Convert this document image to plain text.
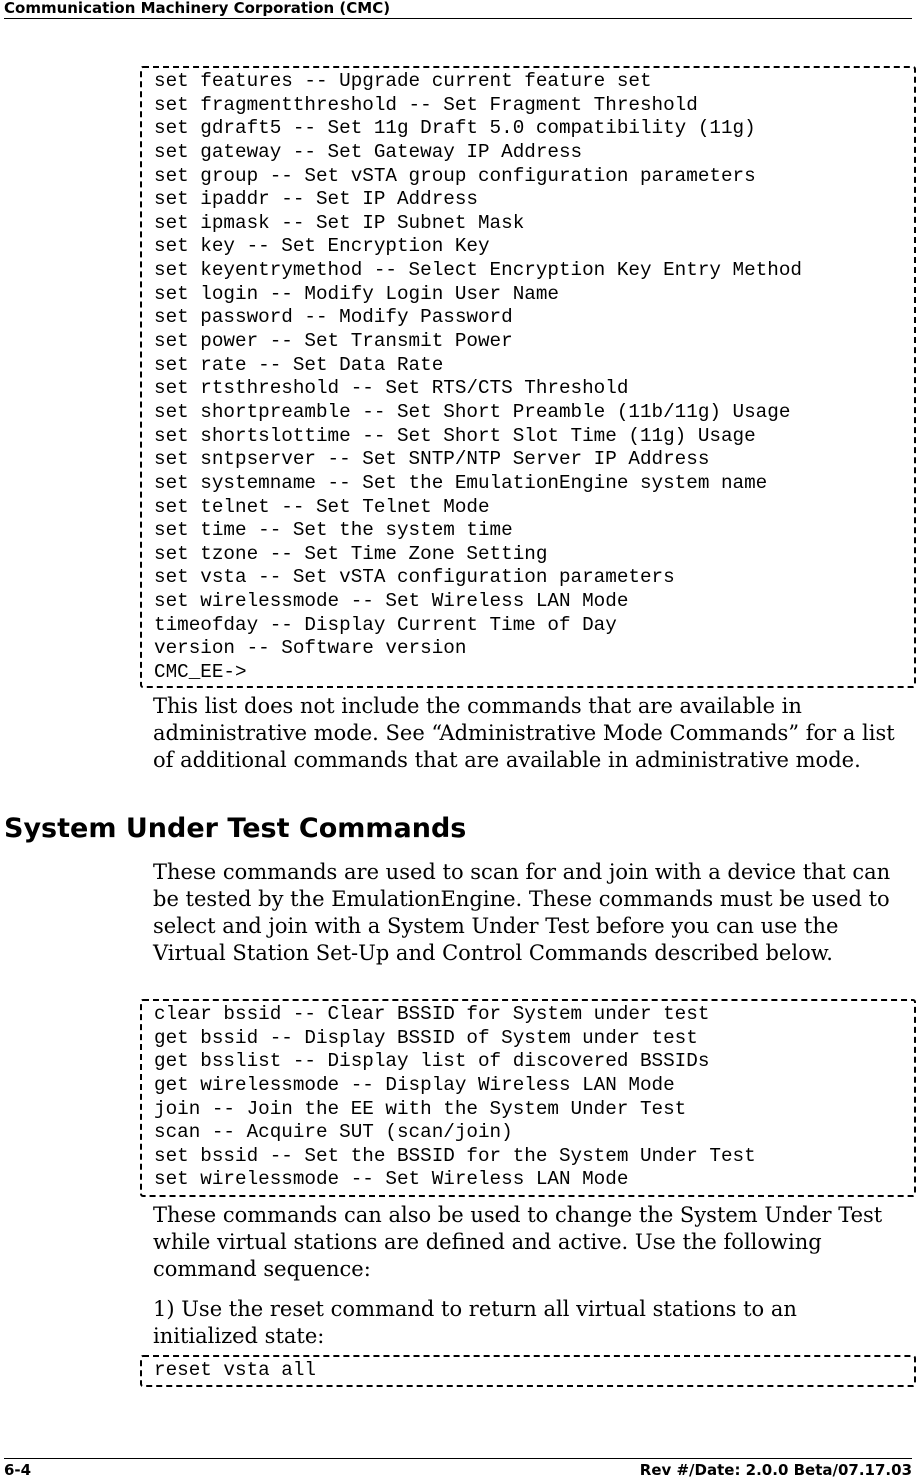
Communication Machinery Corporation (CMC)
set features -- Upgrade current feature set
set fragmentthreshold -- Set Fragment Threshold
set gdraft5 -- Set 11g Draft 5.0 compatibility (11g)
set gateway -- Set Gateway IP Address
set group -- Set vSTA group configuration parameters
set ipaddr -- Set IP Address
set ipmask -- Set IP Subnet Mask
set key -- Set Encryption Key
set keyentrymethod -- Select Encryption Key Entry Method
set login -- Modify Login User Name
set password -- Modify Password
set power -- Set Transmit Power
set rate -- Set Data Rate
set rtsthreshold -- Set RTS/CTS Threshold
set shortpreamble -- Set Short Preamble (11b/11g) Usage
set shortslottime -- Set Short Slot Time (11g) Usage
set sntpserver -- Set SNTP/NTP Server IP Address
set systemname -- Set the EmulationEngine system name
set telnet -- Set Telnet Mode
set time -- Set the system time
set tzone -- Set Time Zone Setting
set vsta -- Set vSTA configuration parameters
set wirelessmode -- Set Wireless LAN Mode
timeofday -- Display Current Time of Day
version -- Software version
CMC_EE->
This list does not include the commands that are available in administrative mode. See “Administrative Mode Commands” for a list of additional commands that are available in administrative mode.
System Under Test Commands
These commands are used to scan for and join with a device that can be tested by the EmulationEngine. These commands must be used to select and join with a System Under Test before you can use the Virtual Station Set-Up and Control Commands described below.
clear bssid -- Clear BSSID for System under test
get bssid -- Display BSSID of System under test
get bsslist -- Display list of discovered BSSIDs
get wirelessmode -- Display Wireless LAN Mode
join -- Join the EE with the System Under Test
scan -- Acquire SUT (scan/join)
set bssid -- Set the BSSID for the System Under Test
set wirelessmode -- Set Wireless LAN Mode
These commands can also be used to change the System Under Test while virtual stations are defined and active. Use the following command sequence:
1) Use the reset command to return all virtual stations to an initialized state:
reset vsta all
6-4	Rev #/Date: 2.0.0 Beta/07.17.03
